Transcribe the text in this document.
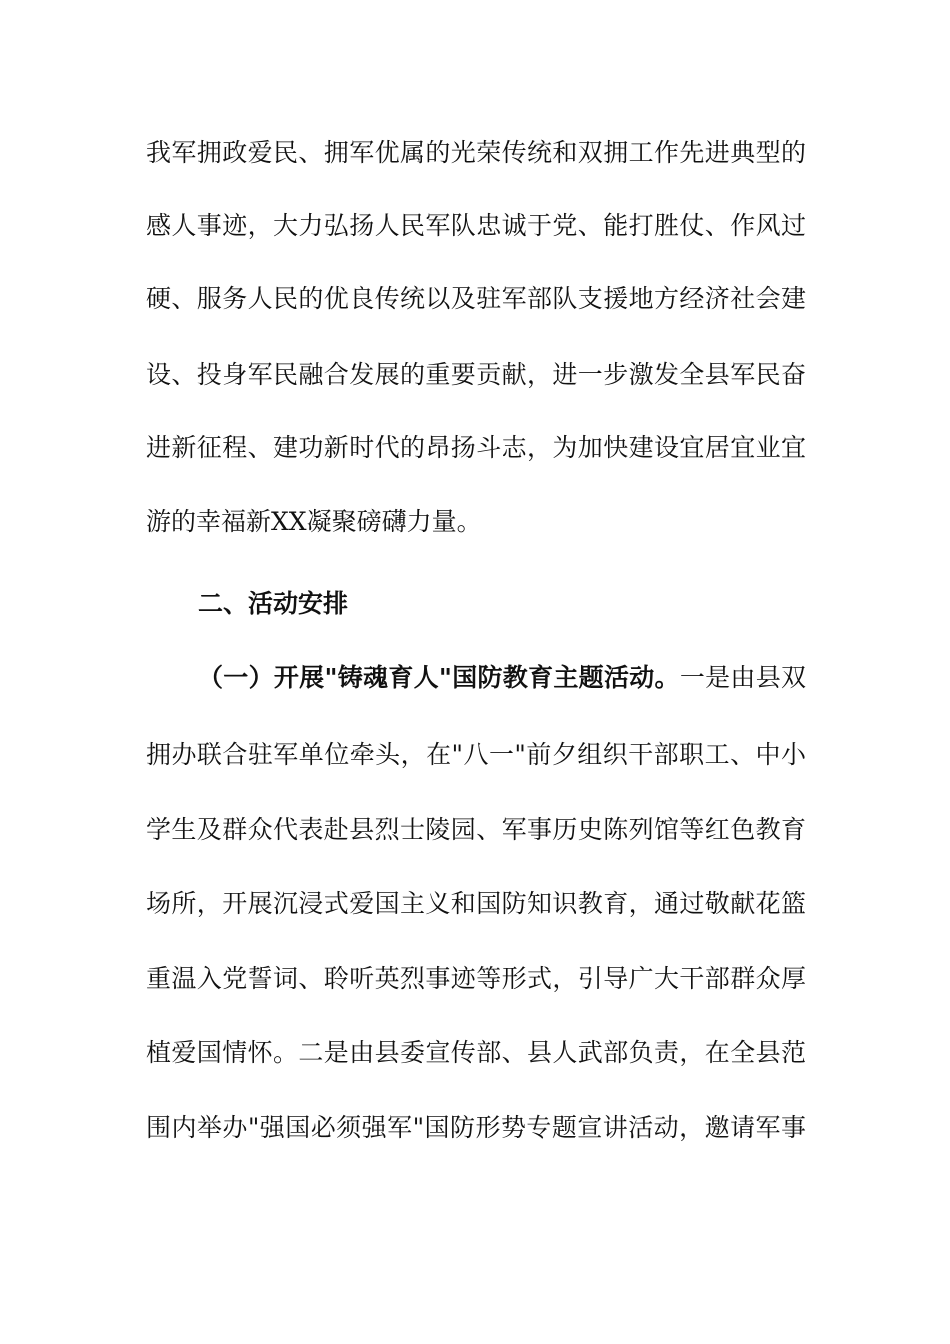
我军拥政爱民、拥军优属的光荣传统和双拥工作先进典型的
感人事迹，大力弘扬人民军队忠诚于党、能打胜仗、作风过
硬、服务人民的优良传统以及驻军部队支援地方经济社会建
设、投身军民融合发展的重要贡献，进一步激发全县军民奋
进新征程、建功新时代的昂扬斗志，为加快建设宜居宜业宜
游的幸福新XX凝聚磅礴力量。
二、活动安排
（一）开展"铸魂育人"国防教育主题活动。一是由县双
拥办联合驻军单位牵头，在"八一"前夕组织干部职工、中小
学生及群众代表赴县烈士陵园、军事历史陈列馆等红色教育
场所，开展沉浸式爱国主义和国防知识教育，通过敬献花篮
重温入党誓词、聆听英烈事迹等形式，引导广大干部群众厚
植爱国情怀。二是由县委宣传部、县人武部负责，在全县范
围内举办"强国必须强军"国防形势专题宣讲活动，邀请军事
